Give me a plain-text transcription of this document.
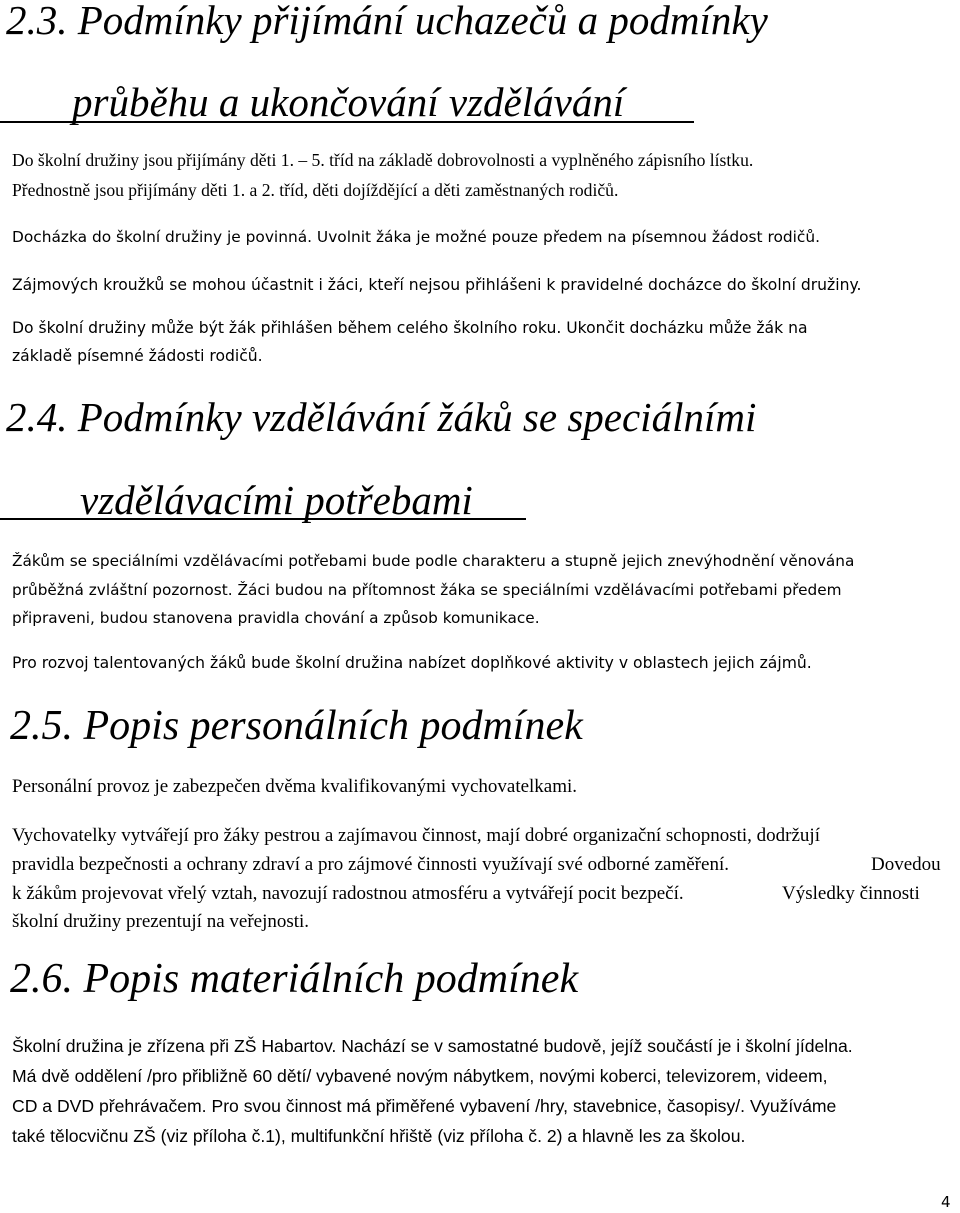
2.3. Podmínky přijímání uchazečů a podmínky
průběhu a ukončování vzdělávání
Do školní družiny jsou přijímány děti 1. – 5. tříd na základě dobrovolnosti a vyplněného zápisního lístku.
Přednostně jsou přijímány děti 1. a 2. tříd, děti dojíždějící a děti zaměstnaných rodičů.
Docházka do školní družiny je povinná. Uvolnit žáka je možné pouze předem na písemnou žádost rodičů.
Zájmových kroužků se mohou účastnit i žáci, kteří nejsou přihlášeni k pravidelné docházce do školní družiny.
Do školní družiny může být žák přihlášen během celého školního roku. Ukončit docházku může žák na
základě písemné žádosti rodičů.
2.4. Podmínky vzdělávání žáků se speciálními
vzdělávacími potřebami
Žákům se speciálními vzdělávacími potřebami bude podle charakteru a stupně jejich znevýhodnění věnována
průběžná zvláštní pozornost. Žáci budou na přítomnost žáka se speciálními vzdělávacími potřebami předem
připraveni, budou stanovena pravidla chování a způsob komunikace.
Pro rozvoj talentovaných žáků bude školní družina nabízet doplňkové aktivity v oblastech jejich zájmů.
2.5. Popis personálních podmínek
Personální provoz je zabezpečen dvěma kvalifikovanými vychovatelkami.
Vychovatelky vytvářejí pro žáky pestrou a zajímavou činnost, mají dobré organizační schopnosti, dodržují
pravidla bezpečnosti a ochrany zdraví a pro zájmové činnosti využívají své odborné zaměření.	Dovedou
k žákům projevovat vřelý vztah, navozují radostnou atmosféru a vytvářejí pocit bezpečí.	Výsledky činnosti
školní družiny prezentují na veřejnosti.
2.6. Popis materiálních podmínek
Školní družina je zřízena při ZŠ Habartov. Nachází se v samostatné budově, jejíž součástí je i školní jídelna.
Má dvě oddělení /pro přibližně 60 dětí/ vybavené novým nábytkem, novými koberci, televizorem, videem,
CD a DVD přehrávačem. Pro svou činnost má přiměřené vybavení /hry, stavebnice, časopisy/. Využíváme
také tělocvičnu ZŠ (viz příloha č.1), multifunkční hřiště (viz příloha č. 2) a hlavně les za školou.
4
